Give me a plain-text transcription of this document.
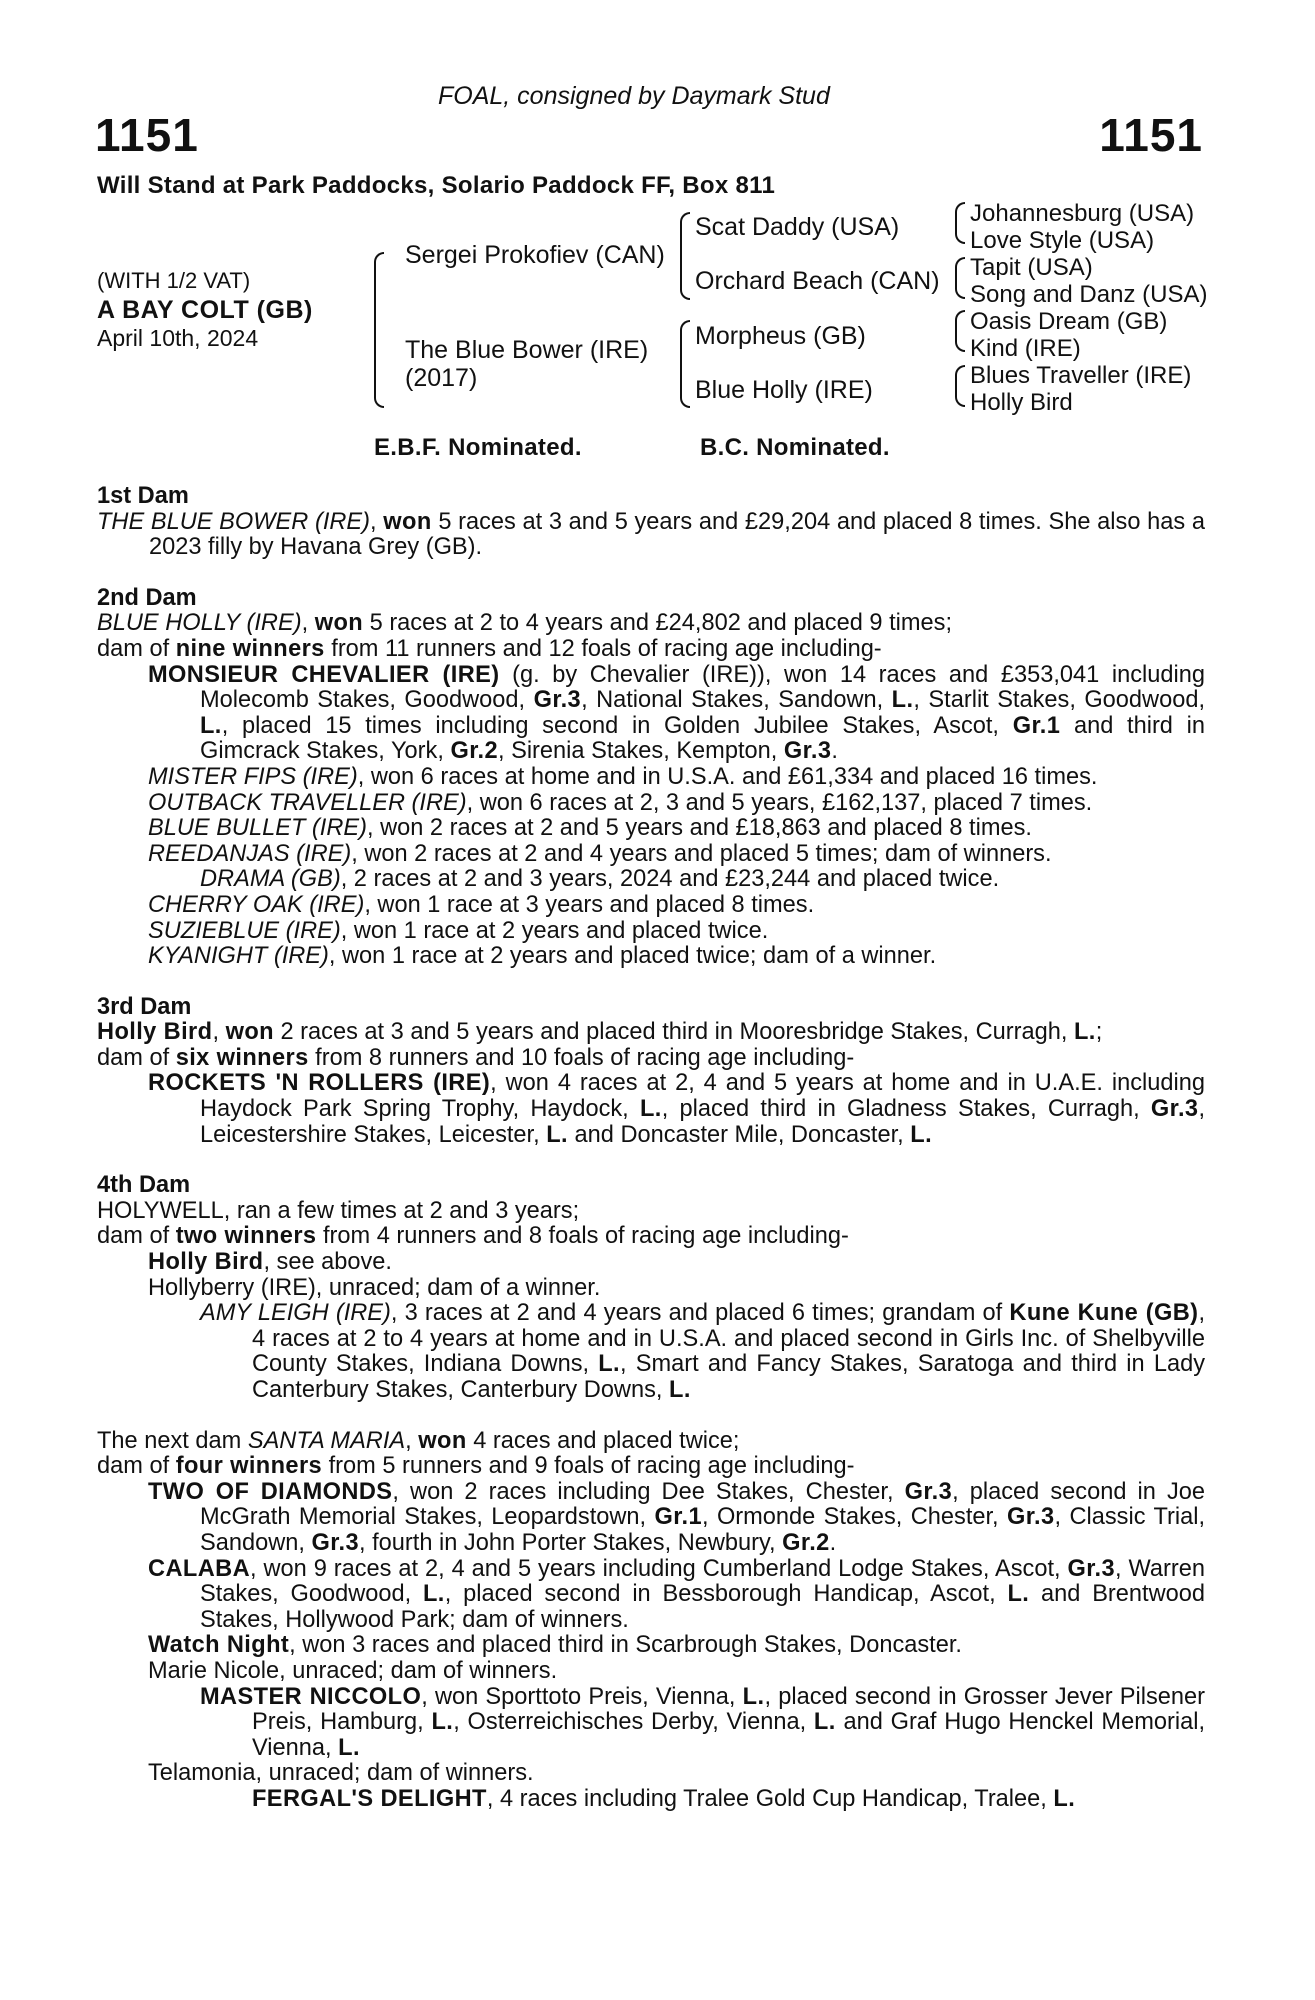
FOAL, consigned by Daymark Stud
1151	1151
Will Stand at Park Paddocks, Solario Paddock FF, Box 811
(WITH 1/2 VAT)
A BAY COLT (GB)
April 10th, 2024
Sergei Prokofiev (CAN)
The Blue Bower (IRE)
(2017)
Scat Daddy (USA)
Orchard Beach (CAN)
Morpheus (GB)
Blue Holly (IRE)
Johannesburg (USA)
Love Style (USA)
Tapit (USA)
Song and Danz (USA)
Oasis Dream (GB)
Kind (IRE)
Blues Traveller (IRE)
Holly Bird
E.B.F. Nominated.	B.C. Nominated.
1st Dam
THE BLUE BOWER (IRE), won 5 races at 3 and 5 years and £29,204 and placed 8 times. She also has a 2023 filly by Havana Grey (GB).
2nd Dam
BLUE HOLLY (IRE), won 5 races at 2 to 4 years and £24,802 and placed 9 times;
dam of nine winners from 11 runners and 12 foals of racing age including-
MONSIEUR CHEVALIER (IRE) (g. by Chevalier (IRE)), won 14 races and £353,041 including Molecomb Stakes, Goodwood, Gr.3, National Stakes, Sandown, L., Starlit Stakes, Goodwood, L., placed 15 times including second in Golden Jubilee Stakes, Ascot, Gr.1 and third in Gimcrack Stakes, York, Gr.2, Sirenia Stakes, Kempton, Gr.3.
MISTER FIPS (IRE), won 6 races at home and in U.S.A. and £61,334 and placed 16 times.
OUTBACK TRAVELLER (IRE), won 6 races at 2, 3 and 5 years, £162,137, placed 7 times.
BLUE BULLET (IRE), won 2 races at 2 and 5 years and £18,863 and placed 8 times.
REEDANJAS (IRE), won 2 races at 2 and 4 years and placed 5 times; dam of winners.
DRAMA (GB), 2 races at 2 and 3 years, 2024 and £23,244 and placed twice.
CHERRY OAK (IRE), won 1 race at 3 years and placed 8 times.
SUZIEBLUE (IRE), won 1 race at 2 years and placed twice.
KYANIGHT (IRE), won 1 race at 2 years and placed twice; dam of a winner.
3rd Dam
Holly Bird, won 2 races at 3 and 5 years and placed third in Mooresbridge Stakes, Curragh, L.;
dam of six winners from 8 runners and 10 foals of racing age including-
ROCKETS 'N ROLLERS (IRE), won 4 races at 2, 4 and 5 years at home and in U.A.E. including Haydock Park Spring Trophy, Haydock, L., placed third in Gladness Stakes, Curragh, Gr.3, Leicestershire Stakes, Leicester, L. and Doncaster Mile, Doncaster, L.
4th Dam
HOLYWELL, ran a few times at 2 and 3 years;
dam of two winners from 4 runners and 8 foals of racing age including-
Holly Bird, see above.
Hollyberry (IRE), unraced; dam of a winner.
AMY LEIGH (IRE), 3 races at 2 and 4 years and placed 6 times; grandam of Kune Kune (GB), 4 races at 2 to 4 years at home and in U.S.A. and placed second in Girls Inc. of Shelbyville County Stakes, Indiana Downs, L., Smart and Fancy Stakes, Saratoga and third in Lady Canterbury Stakes, Canterbury Downs, L.
The next dam SANTA MARIA, won 4 races and placed twice;
dam of four winners from 5 runners and 9 foals of racing age including-
TWO OF DIAMONDS, won 2 races including Dee Stakes, Chester, Gr.3, placed second in Joe McGrath Memorial Stakes, Leopardstown, Gr.1, Ormonde Stakes, Chester, Gr.3, Classic Trial, Sandown, Gr.3, fourth in John Porter Stakes, Newbury, Gr.2.
CALABA, won 9 races at 2, 4 and 5 years including Cumberland Lodge Stakes, Ascot, Gr.3, Warren Stakes, Goodwood, L., placed second in Bessborough Handicap, Ascot, L. and Brentwood Stakes, Hollywood Park; dam of winners.
Watch Night, won 3 races and placed third in Scarbrough Stakes, Doncaster.
Marie Nicole, unraced; dam of winners.
MASTER NICCOLO, won Sporttoto Preis, Vienna, L., placed second in Grosser Jever Pilsener Preis, Hamburg, L., Osterreichisches Derby, Vienna, L. and Graf Hugo Henckel Memorial, Vienna, L.
Telamonia, unraced; dam of winners.
FERGAL'S DELIGHT, 4 races including Tralee Gold Cup Handicap, Tralee, L.
